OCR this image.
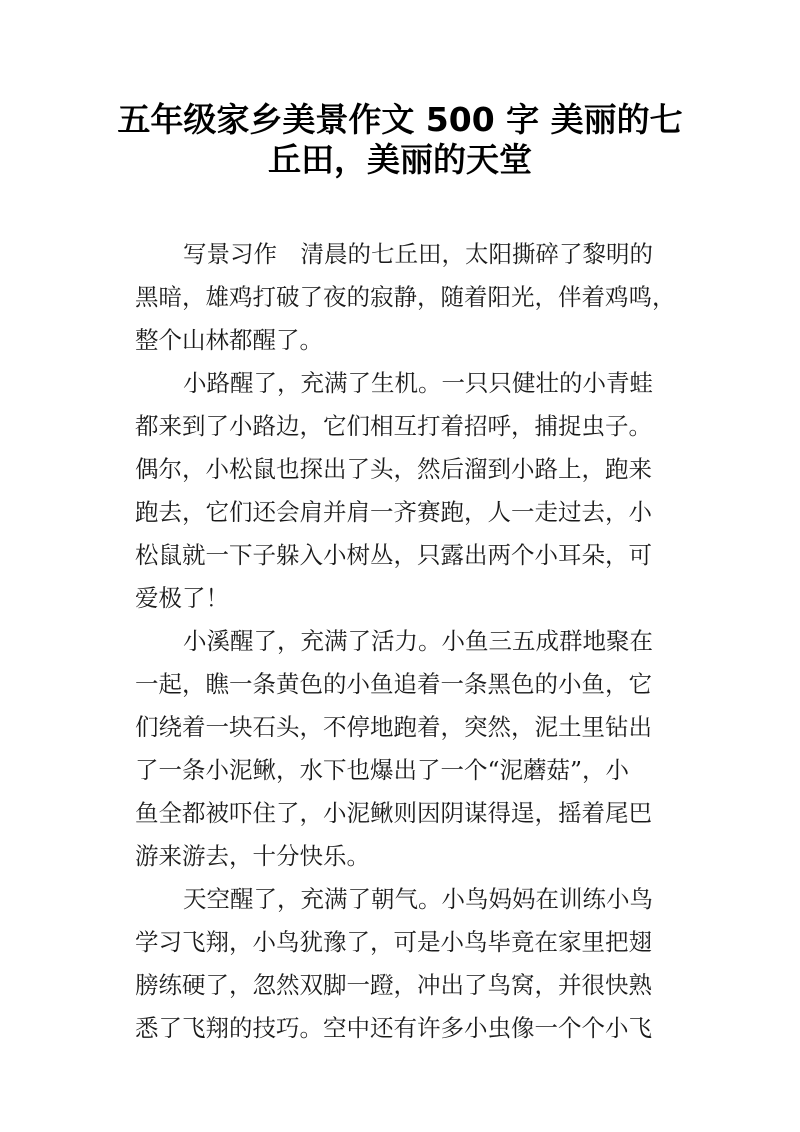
五年级家乡美景作文 500 字 美丽的七
丘田，美丽的天堂
写景习作　清晨的七丘田，太阳撕碎了黎明的
黑暗，雄鸡打破了夜的寂静，随着阳光，伴着鸡鸣，
整个山林都醒了。
小路醒了，充满了生机。一只只健壮的小青蛙
都来到了小路边，它们相互打着招呼，捕捉虫子。
偶尔，小松鼠也探出了头，然后溜到小路上，跑来
跑去，它们还会肩并肩一齐赛跑，人一走过去，小
松鼠就一下子躲入小树丛，只露出两个小耳朵，可
爱极了！
小溪醒了，充满了活力。小鱼三五成群地聚在
一起，瞧一条黄色的小鱼追着一条黑色的小鱼，它
们绕着一块石头，不停地跑着，突然，泥土里钻出
了一条小泥鳅，水下也爆出了一个“泥蘑菇”，小
鱼全都被吓住了，小泥鳅则因阴谋得逞，摇着尾巴
游来游去，十分快乐。
天空醒了，充满了朝气。小鸟妈妈在训练小鸟
学习飞翔，小鸟犹豫了，可是小鸟毕竟在家里把翅
膀练硬了，忽然双脚一蹬，冲出了鸟窝，并很快熟
悉了飞翔的技巧。空中还有许多小虫像一个个小飞
